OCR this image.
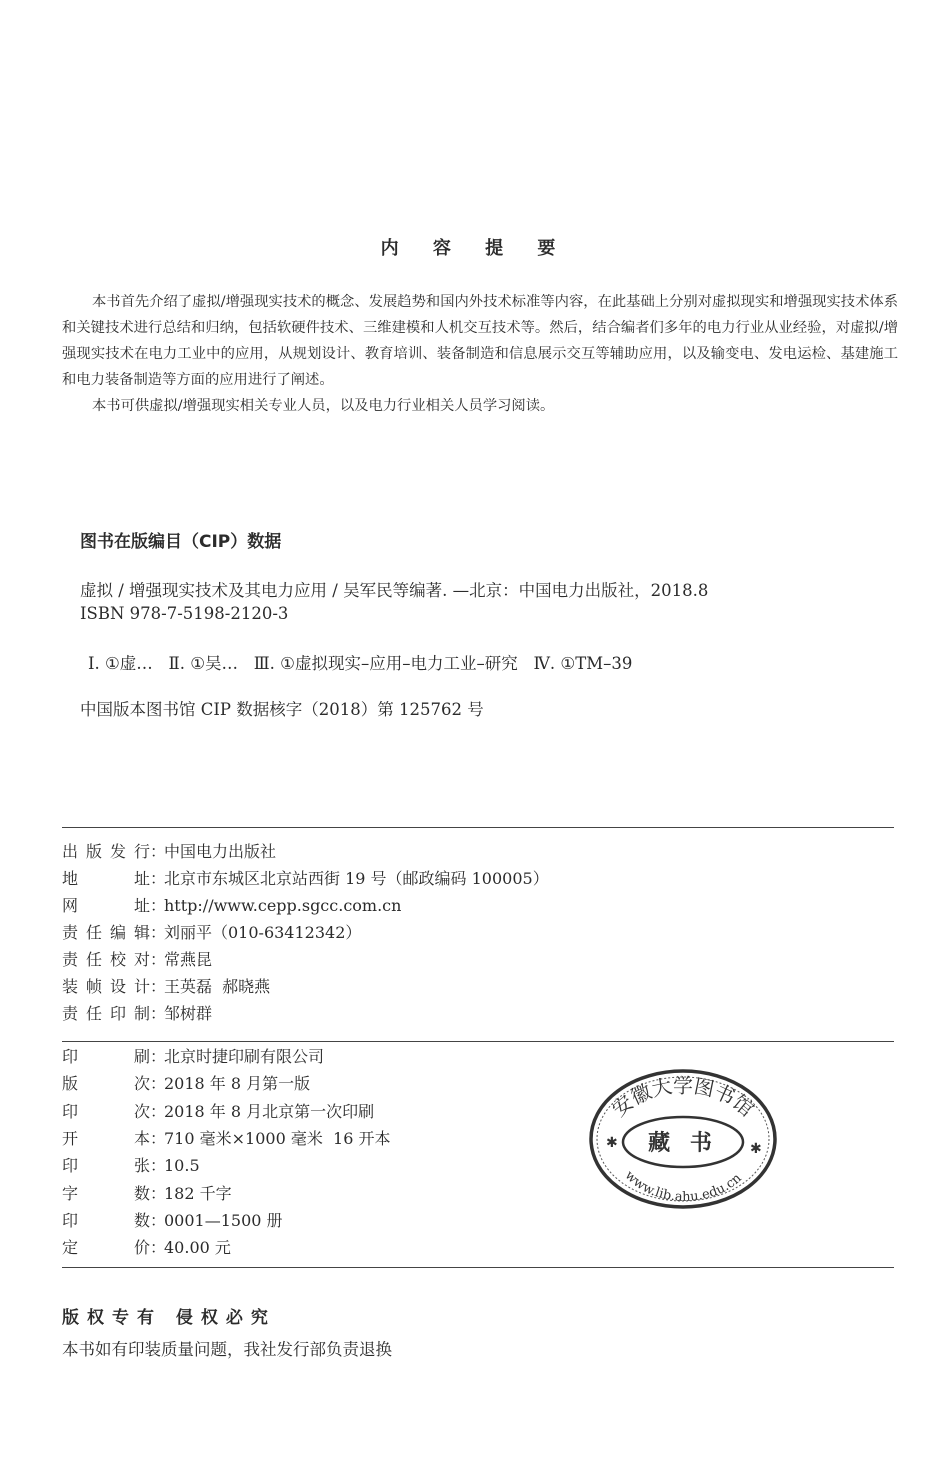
内 容 提 要

本书首先介绍了虚拟/增强现实技术的概念、发展趋势和国内外技术标准等内容，在此基础上分别对虚拟现实和增强现实技术体系和关键技术进行总结和归纳，包括软硬件技术、三维建模和人机交互技术等。然后，结合编者们多年的电力行业从业经验，对虚拟/增强现实技术在电力工业中的应用，从规划设计、教育培训、装备制造和信息展示交互等辅助应用，以及输变电、发电运检、基建施工和电力装备制造等方面的应用进行了阐述。

本书可供虚拟/增强现实相关专业人员，以及电力行业相关人员学习阅读。

图书在版编目（CIP）数据
虚拟 / 增强现实技术及其电力应用 / 吴军民等编著. —北京：中国电力出版社，2018.8
ISBN 978-7-5198-2120-3
Ⅰ. ①虚…   Ⅱ. ①吴…   Ⅲ. ①虚拟现实–应用–电力工业–研究   Ⅳ. ①TM–39
中国版本图书馆 CIP 数据核字（2018）第 125762 号
出版发行：中国电力出版社
地址：北京市东城区北京站西街 19 号（邮政编码 100005）
网址：http://www.cepp.sgcc.com.cn
责任编辑：刘丽平（010-63412342）
责任校对：常燕昆
装帧设计：王英磊  郝晓燕
责任印制：邹树群
印刷：北京时捷印刷有限公司
版次：2018 年 8 月第一版
印次：2018 年 8 月北京第一次印刷
开本：710 毫米×1000 毫米  16 开本
印张：10.5
字数：182 千字
印数：0001—1500 册
定价：40.00 元
版权专有 侵权必究
本书如有印装质量问题，我社发行部负责退换
安徽大学图书馆
藏 书
www.lib.ahu.edu.cn
✱	✱
